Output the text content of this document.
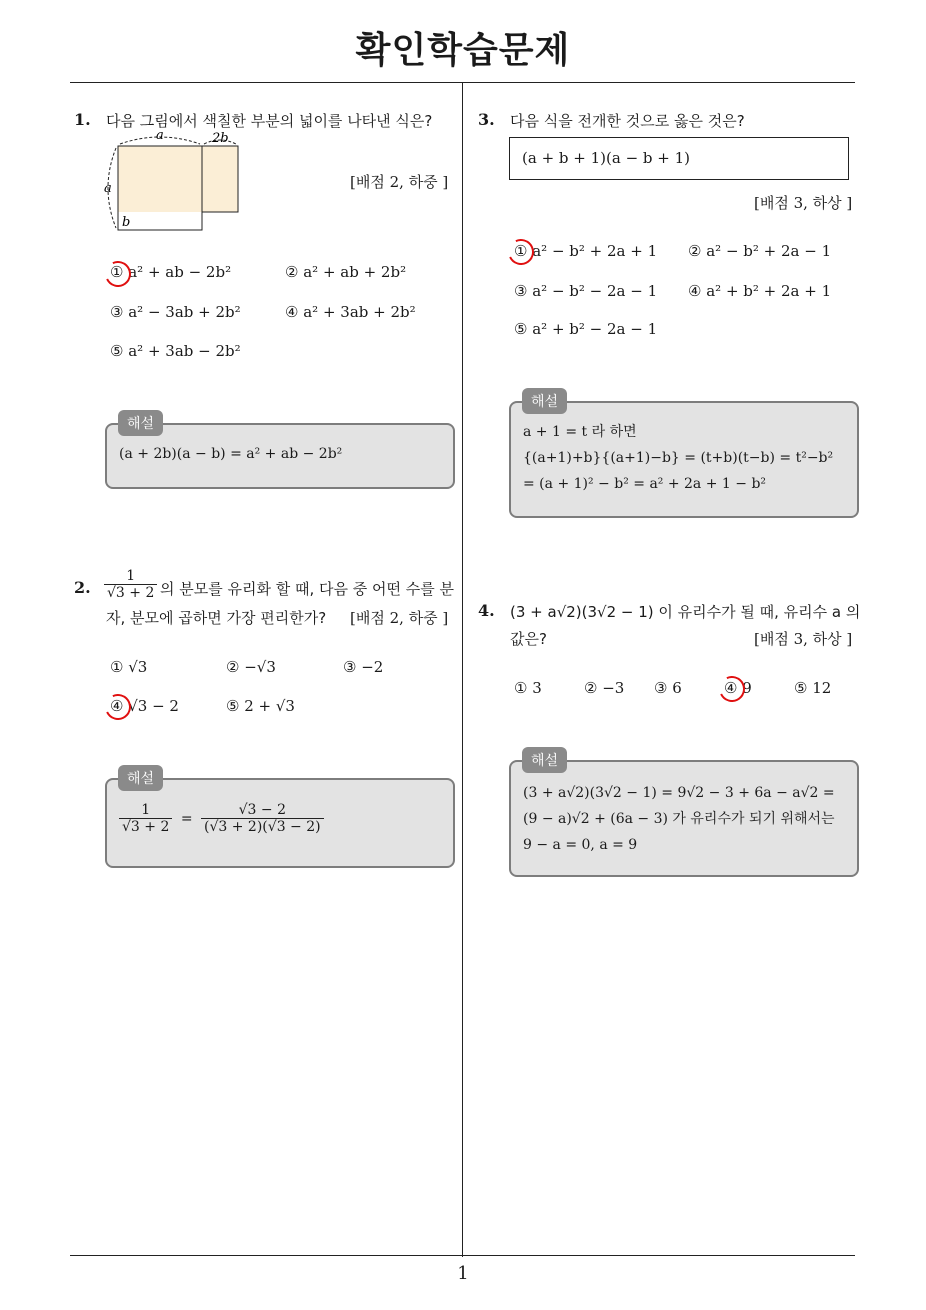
확인학습문제
1
1. 다음 그림에서 색칠한 부분의 넓이를 나타낸 식은?
a	2b
a
b
[배점 2, 하중 ]
① a² + ab − 2b²	② a² + ab + 2b²
③ a² − 3ab + 2b²	④ a² + 3ab + 2b²
⑤ a² + 3ab − 2b²
(a + 2b)(a − b) = a² + ab − 2b²
해설
2. $\frac{1}{√3 + 2}$ 의 분모를 유리화 할 때, 다음 중 어떤 수를 분
자, 분모에 곱하면 가장 편리한가? [배점 2, 하중 ]
① √3	② −√3	③ −2
④ √3 − 2	⑤ 2 + √3
$\frac{1}{√3 + 2} = \frac{√3 - 2}{(√3 + 2)(√3 - 2)}$
해설
3. 다음 식을 전개한 것으로 옳은 것은?
(a + b + 1)(a − b + 1)
[배점 3, 하상 ]
① a² − b² + 2a + 1 ② a² − b² + 2a − 1
③ a² − b² − 2a − 1 ④ a² + b² + 2a + 1
⑤ a² + b² − 2a − 1
a + 1 = t 라 하면
{(a+1)+b}{(a+1)−b} = (t+b)(t−b) = t²−b²
= (a + 1)² − b² = a² + 2a + 1 − b²
해설
4. (3 + a√2)(3√2 − 1) 이 유리수가 될 때, 유리수 a 의
값은?	[배점 3, 하상 ]
① 3	② −3 ③ 6	④ 9	⑤ 12
(3 + a√2)(3√2 − 1) = 9√2 − 3 + 6a − a√2 =
(9 − a)√2 + (6a − 3) 가 유리수가 되기 위해서는
9 − a = 0, a = 9
해설
